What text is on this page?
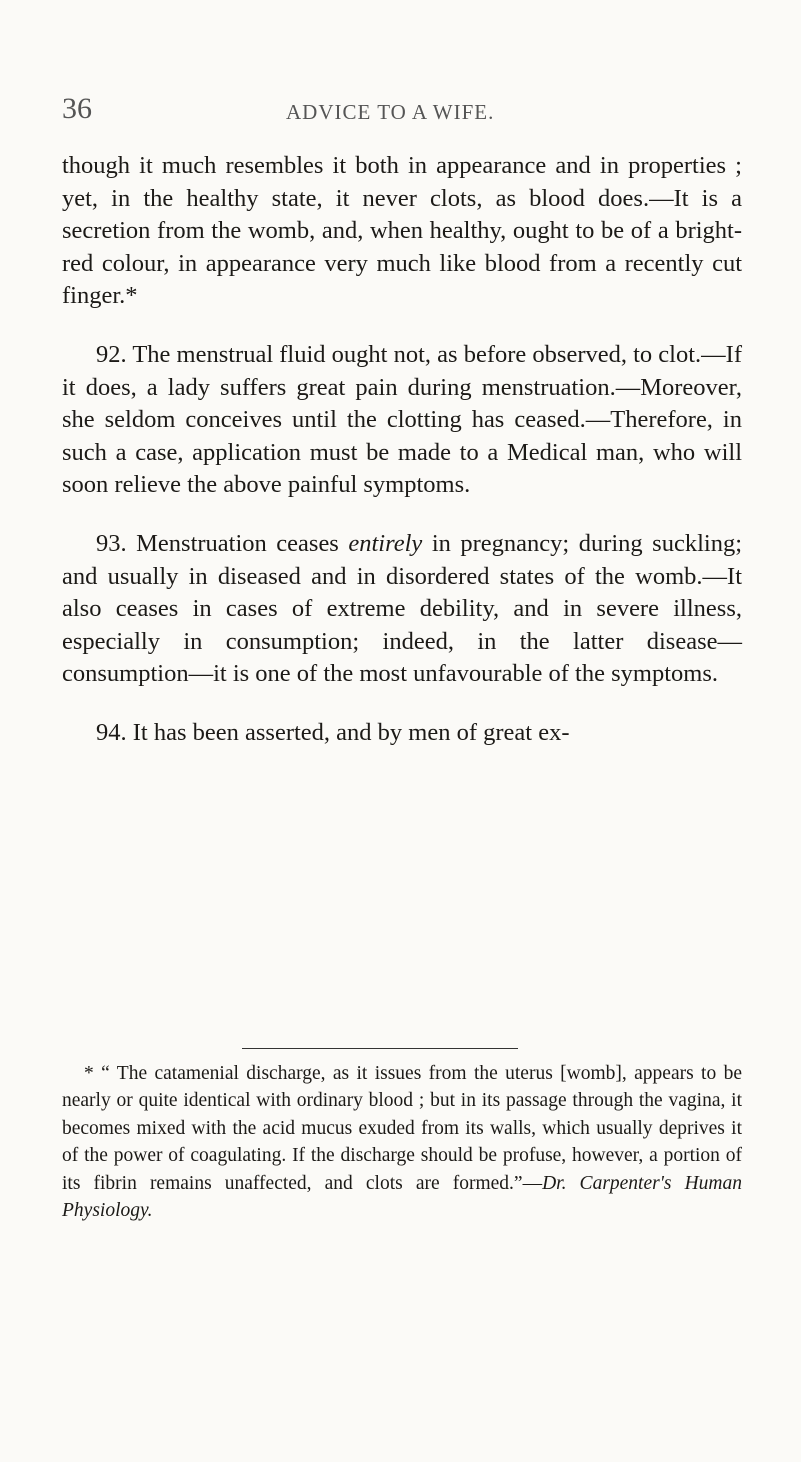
36	ADVICE TO A WIFE.

though it much resembles it both in appearance and in properties ; yet, in the healthy state, it never clots, as blood does.—It is a secretion from the womb, and, when healthy, ought to be of a bright-red colour, in appearance very much like blood from a recently cut finger.*

92. The menstrual fluid ought not, as before observed, to clot.—If it does, a lady suffers great pain during menstruation.—Moreover, she seldom conceives until the clotting has ceased.—Therefore, in such a case, application must be made to a Medical man, who will soon relieve the above painful symptoms.

93. Menstruation ceases entirely in pregnancy; during suckling; and usually in diseased and in disordered states of the womb.—It also ceases in cases of extreme debility, and in severe illness, especially in consumption; indeed, in the latter disease—consumption—it is one of the most unfavourable of the symptoms.

94. It has been asserted, and by men of great ex-

* “ The catamenial discharge, as it issues from the uterus [womb], appears to be nearly or quite identical with ordinary blood ; but in its passage through the vagina, it becomes mixed with the acid mucus exuded from its walls, which usually deprives it of the power of coagulating. If the discharge should be profuse, however, a portion of its fibrin remains unaffected, and clots are formed.”—Dr. Carpenter's Human Physiology.
